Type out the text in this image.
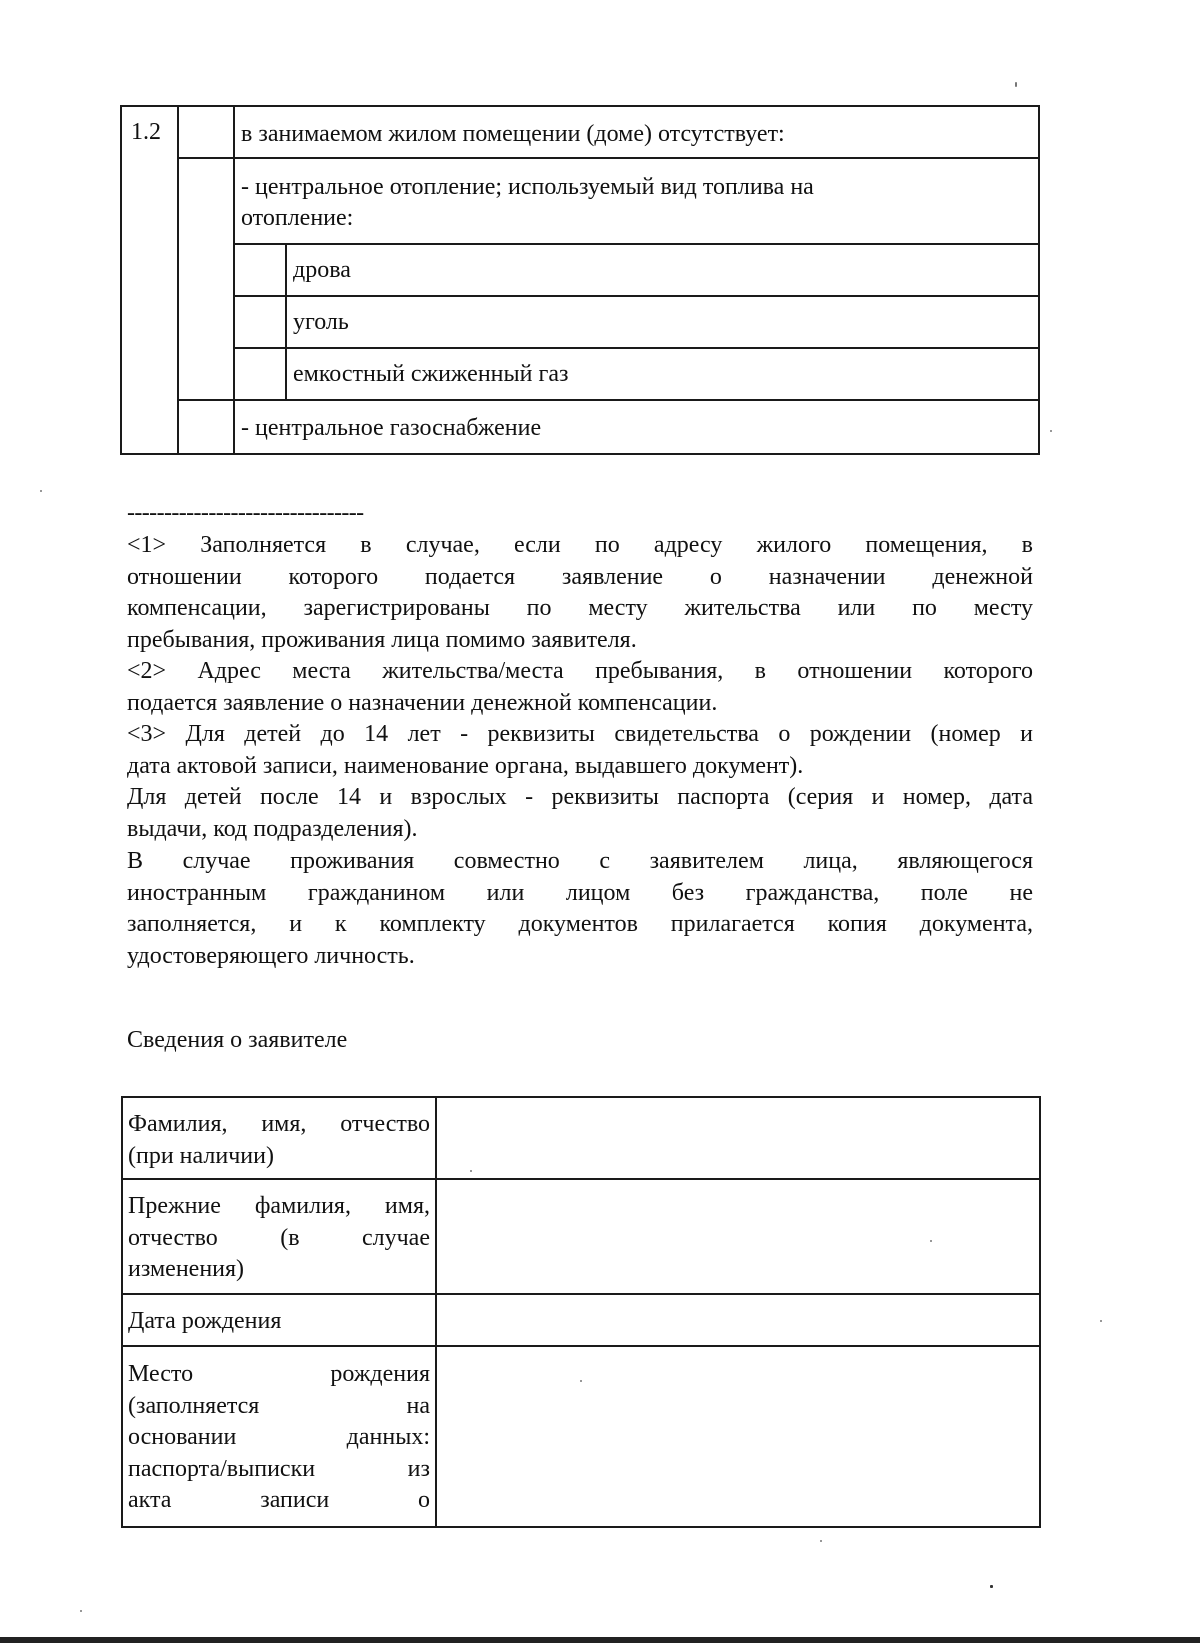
1.2	в занимаемом жилом помещении (доме) отсутствует:
- центральное отопление; используемый вид топлива на
отопление:
дрова
уголь
емкостный сжиженный газ
- центральное газоснабжение
--------------------------------
<1> Заполняется в случае, если по адресу жилого помещения, в
отношении которого подается заявление о назначении денежной
компенсации, зарегистрированы по месту жительства или по месту
пребывания, проживания лица помимо заявителя.
<2> Адрес места жительства/места пребывания, в отношении которого
подается заявление о назначении денежной компенсации.
<3> Для детей до 14 лет - реквизиты свидетельства о рождении (номер и
дата актовой записи, наименование органа, выдавшего документ).
Для детей после 14 и взрослых - реквизиты паспорта (серия и номер, дата
выдачи, код подразделения).
В случае проживания совместно с заявителем лица, являющегося
иностранным гражданином или лицом без гражданства, поле не
заполняется, и к комплекту документов прилагается копия документа,
удостоверяющего личность.
Сведения о заявителе
Фамилия, имя, отчество
(при наличии)
Прежние фамилия, имя,
отчество (в случае
изменения)
Дата рождения
Место рождения
(заполняется на
основании данных:
паспорта/выписки из
акта записи о
